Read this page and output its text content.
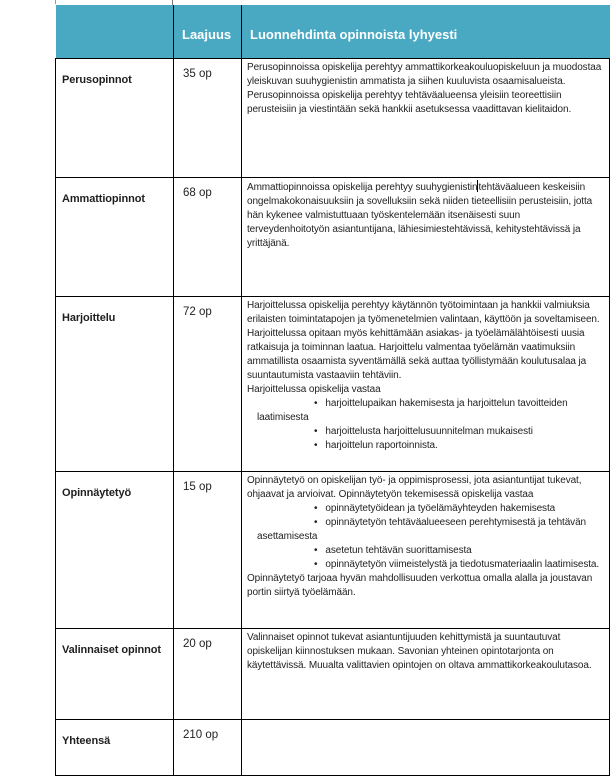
	Laajuus	Luonnehdinta opinnoista lyhyesti
Perusopinnot	35 op	Perusopinnoissa opiskelija perehtyy ammattikorkeakouluopiskeluun ja muodostaa yleiskuvan suuhygienistin ammatista ja siihen kuuluvista osaamisalueista. Perusopinnoissa opiskelija perehtyy tehtäväalueensa yleisiin teoreettisiin perusteisiin ja viestintään sekä hankkii asetuksessa vaadittavan kielitaidon.

Ammattiopinnot	68 op	Ammattiopinnoissa opiskelija perehtyy suuhygienistintehtäväalueen keskeisiin ongelmakokonaisuuksiin ja sovelluksiin sekä niiden tieteellisiin perusteisiin, jotta hän kykenee valmistuttuaan työskentelemään itsenäisesti suun terveydenhoitotyön asiantuntijana, lähiesimiestehtävissä, kehitystehtävissä ja yrittäjänä.

Harjoittelu	72 op	Harjoittelussa opiskelija perehtyy käytännön työtoimintaan ja hankkii valmiuksia erilaisten toimintatapojen ja työmenetelmien valintaan, käyttöön ja soveltamiseen. Harjoittelussa opitaan myös kehittämään asiakas- ja työelämälähtöisesti uusia ratkaisuja ja toiminnan laatua. Harjoittelu valmentaa työelämän vaatimuksiin ammatillista osaamista syventämällä sekä auttaa työllistymään koulutusalaa ja suuntautumista vastaaviin tehtäviin.
Harjoittelussa opiskelija vastaa
• harjoittelupaikan hakemisesta ja harjoittelun tavoitteiden laatimisesta
• harjoittelusta harjoittelusuunnitelman mukaisesti
• harjoittelun raportoinnista.

Opinnäytetyö	15 op	
Opinnäytetyö on opiskelijan työ- ja oppimisprosessi, jota asiantuntijat tukevat, ohjaavat ja arvioivat. Opinnäytetyön tekemisessä opiskelija vastaa
• opinnäytetyöidean ja työelämäyhteyden hakemisesta
• opinnäytetyön tehtäväalueeseen perehtymisestä ja tehtävän asettamisesta
• asetetun tehtävän suorittamisesta
• opinnäytetyön viimeistelystä ja tiedotusmateriaalin laatimisesta.
Opinnäytetyö tarjoaa hyvän mahdollisuuden verkottua omalla alalla ja joustavan portin siirtyä työelämään.

Valinnaiset opinnot	20 op	Valinnaiset opinnot tukevat asiantuntijuuden kehittymistä ja suuntautuvat opiskelijan kiinnostuksen mukaan. Savonian yhteinen opintotarjonta on käytettävissä. Muualta valittavien opintojen on oltava ammattikorkeakoulutasoa.

Yhteensä	210 op	
